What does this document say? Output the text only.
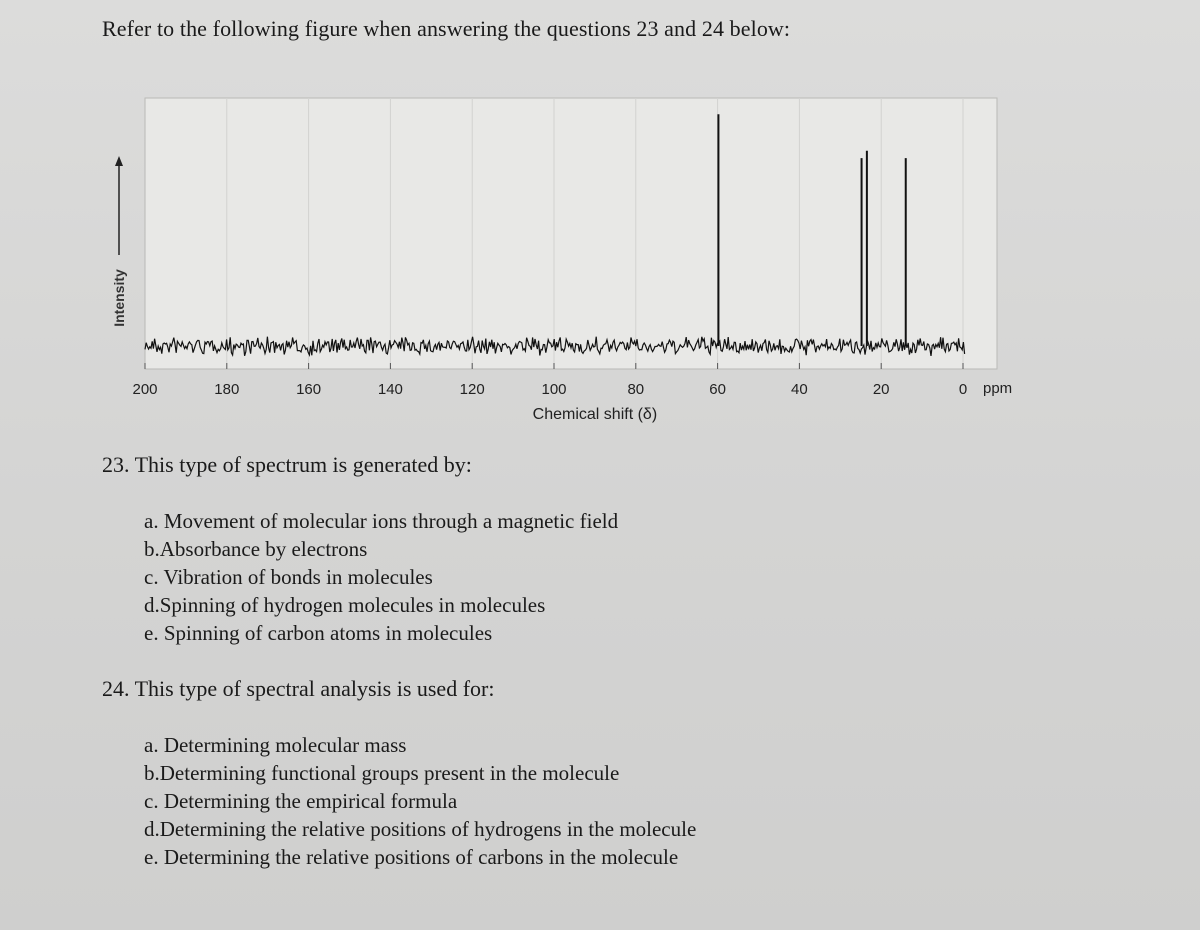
Refer to the following figure when answering the questions 23 and 24 below:
200	180	160	140	120	100	80	60	40	20	0 ppm
Chemical shift (δ)
Intensity
23. This type of spectrum is generated by:
a. Movement of molecular ions through a magnetic field
b.Absorbance by electrons
c. Vibration of bonds in molecules
d.Spinning of hydrogen molecules in molecules
e. Spinning of carbon atoms in molecules
24. This type of spectral analysis is used for:
a. Determining molecular mass
b.Determining functional groups present in the molecule
c. Determining the empirical formula
d.Determining the relative positions of hydrogens in the molecule
e. Determining the relative positions of carbons in the molecule
